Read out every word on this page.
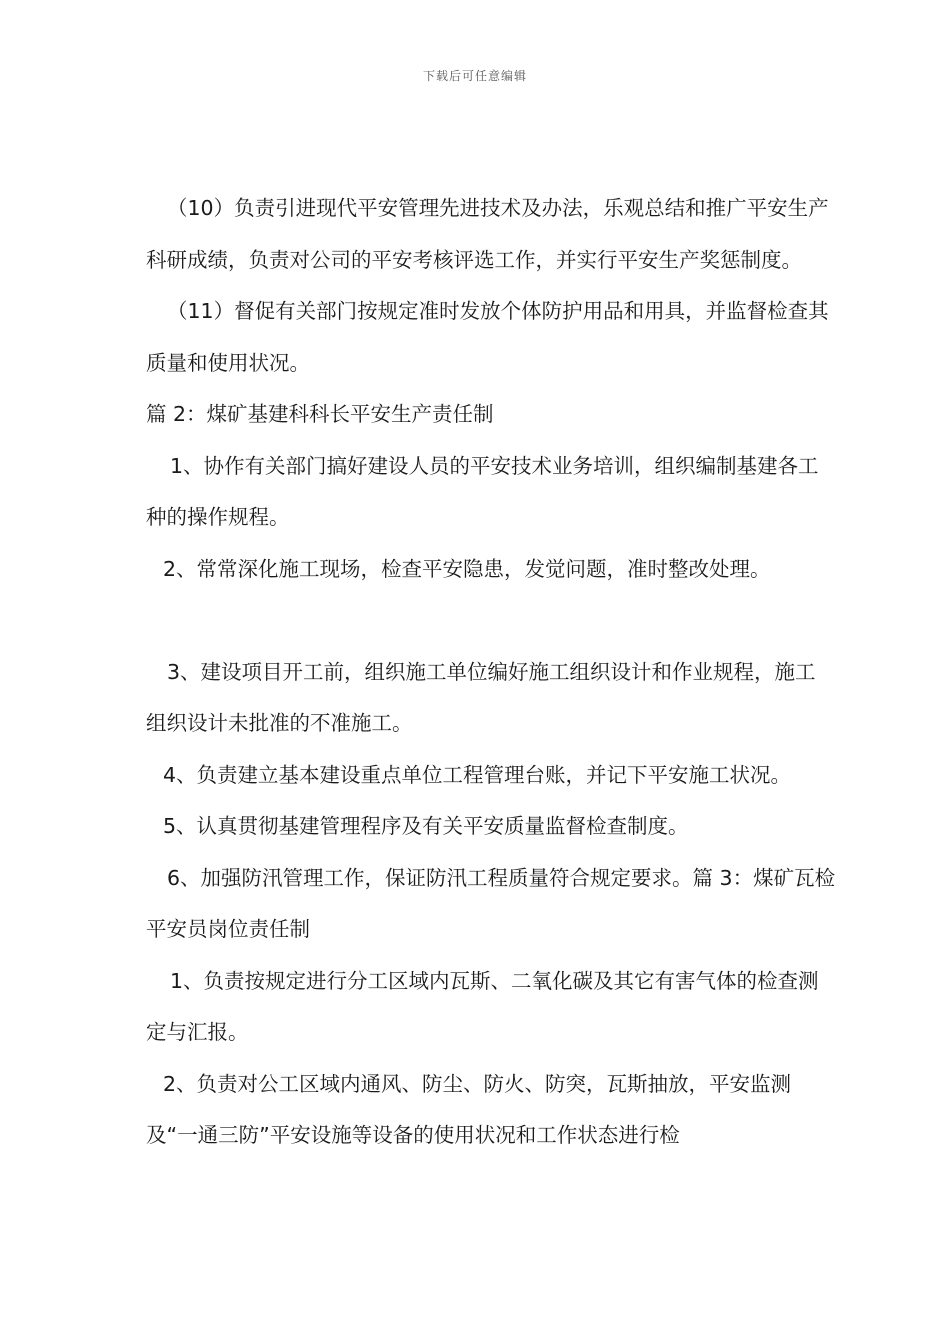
下载后可任意编辑

（10）负责引进现代平安管理先进技术及办法，乐观总结和推广平安生产科研成绩，负责对公司的平安考核评选工作，并实行平安生产奖惩制度。

（11）督促有关部门按规定准时发放个体防护用品和用具，并监督检查其质量和使用状况。

篇 2：煤矿基建科科长平安生产责任制

1、协作有关部门搞好建设人员的平安技术业务培训，组织编制基建各工种的操作规程。

2、常常深化施工现场，检查平安隐患，发觉问题，准时整改处理。

3、建设项目开工前，组织施工单位编好施工组织设计和作业规程，施工组织设计未批准的不准施工。

4、负责建立基本建设重点单位工程管理台账，并记下平安施工状况。

5、认真贯彻基建管理程序及有关平安质量监督检查制度。

6、加强防汛管理工作，保证防汛工程质量符合规定要求。篇 3：煤矿瓦检平安员岗位责任制

1、负责按规定进行分工区域内瓦斯、二氧化碳及其它有害气体的检查测定与汇报。

2、负责对公工区域内通风、防尘、防火、防突，瓦斯抽放，平安监测及“一通三防”平安设施等设备的使用状况和工作状态进行检
